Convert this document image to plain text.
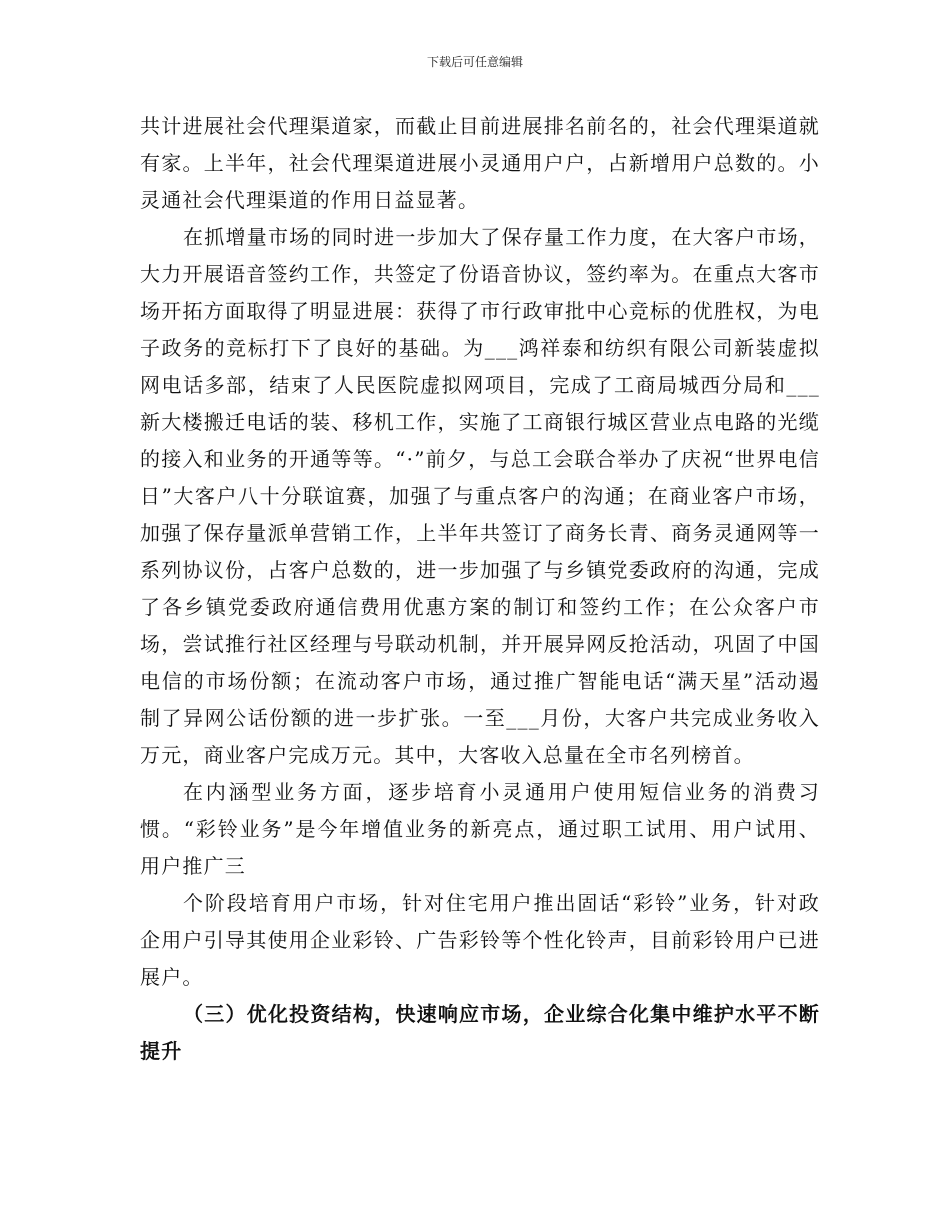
下载后可任意编辑

共计进展社会代理渠道家，而截止目前进展排名前名的，社会代理渠道就有家。上半年，社会代理渠道进展小灵通用户户，占新增用户总数的。小灵通社会代理渠道的作用日益显著。

在抓增量市场的同时进一步加大了保存量工作力度，在大客户市场，大力开展语音签约工作，共签定了份语音协议，签约率为。在重点大客市场开拓方面取得了明显进展：获得了市行政审批中心竞标的优胜权，为电子政务的竞标打下了良好的基础。为___鸿祥泰和纺织有限公司新装虚拟网电话多部，结束了人民医院虚拟网项目，完成了工商局城西分局和___新大楼搬迁电话的装、移机工作，实施了工商银行城区营业点电路的光缆的接入和业务的开通等等。“·”前夕，与总工会联合举办了庆祝“世界电信日”大客户八十分联谊赛，加强了与重点客户的沟通；在商业客户市场，加强了保存量派单营销工作，上半年共签订了商务长青、商务灵通网等一系列协议份，占客户总数的，进一步加强了与乡镇党委政府的沟通，完成了各乡镇党委政府通信费用优惠方案的制订和签约工作；在公众客户市场，尝试推行社区经理与号联动机制，并开展异网反抢活动，巩固了中国电信的市场份额；在流动客户市场，通过推广智能电话“满天星”活动遏制了异网公话份额的进一步扩张。一至___月份，大客户共完成业务收入万元，商业客户完成万元。其中，大客收入总量在全市名列榜首。

在内涵型业务方面，逐步培育小灵通用户使用短信业务的消费习惯。“彩铃业务”是今年增值业务的新亮点，通过职工试用、用户试用、用户推广三

个阶段培育用户市场，针对住宅用户推出固话“彩铃”业务，针对政企用户引导其使用企业彩铃、广告彩铃等个性化铃声，目前彩铃用户已进展户。

（三）优化投资结构，快速响应市场，企业综合化集中维护水平不断提升
